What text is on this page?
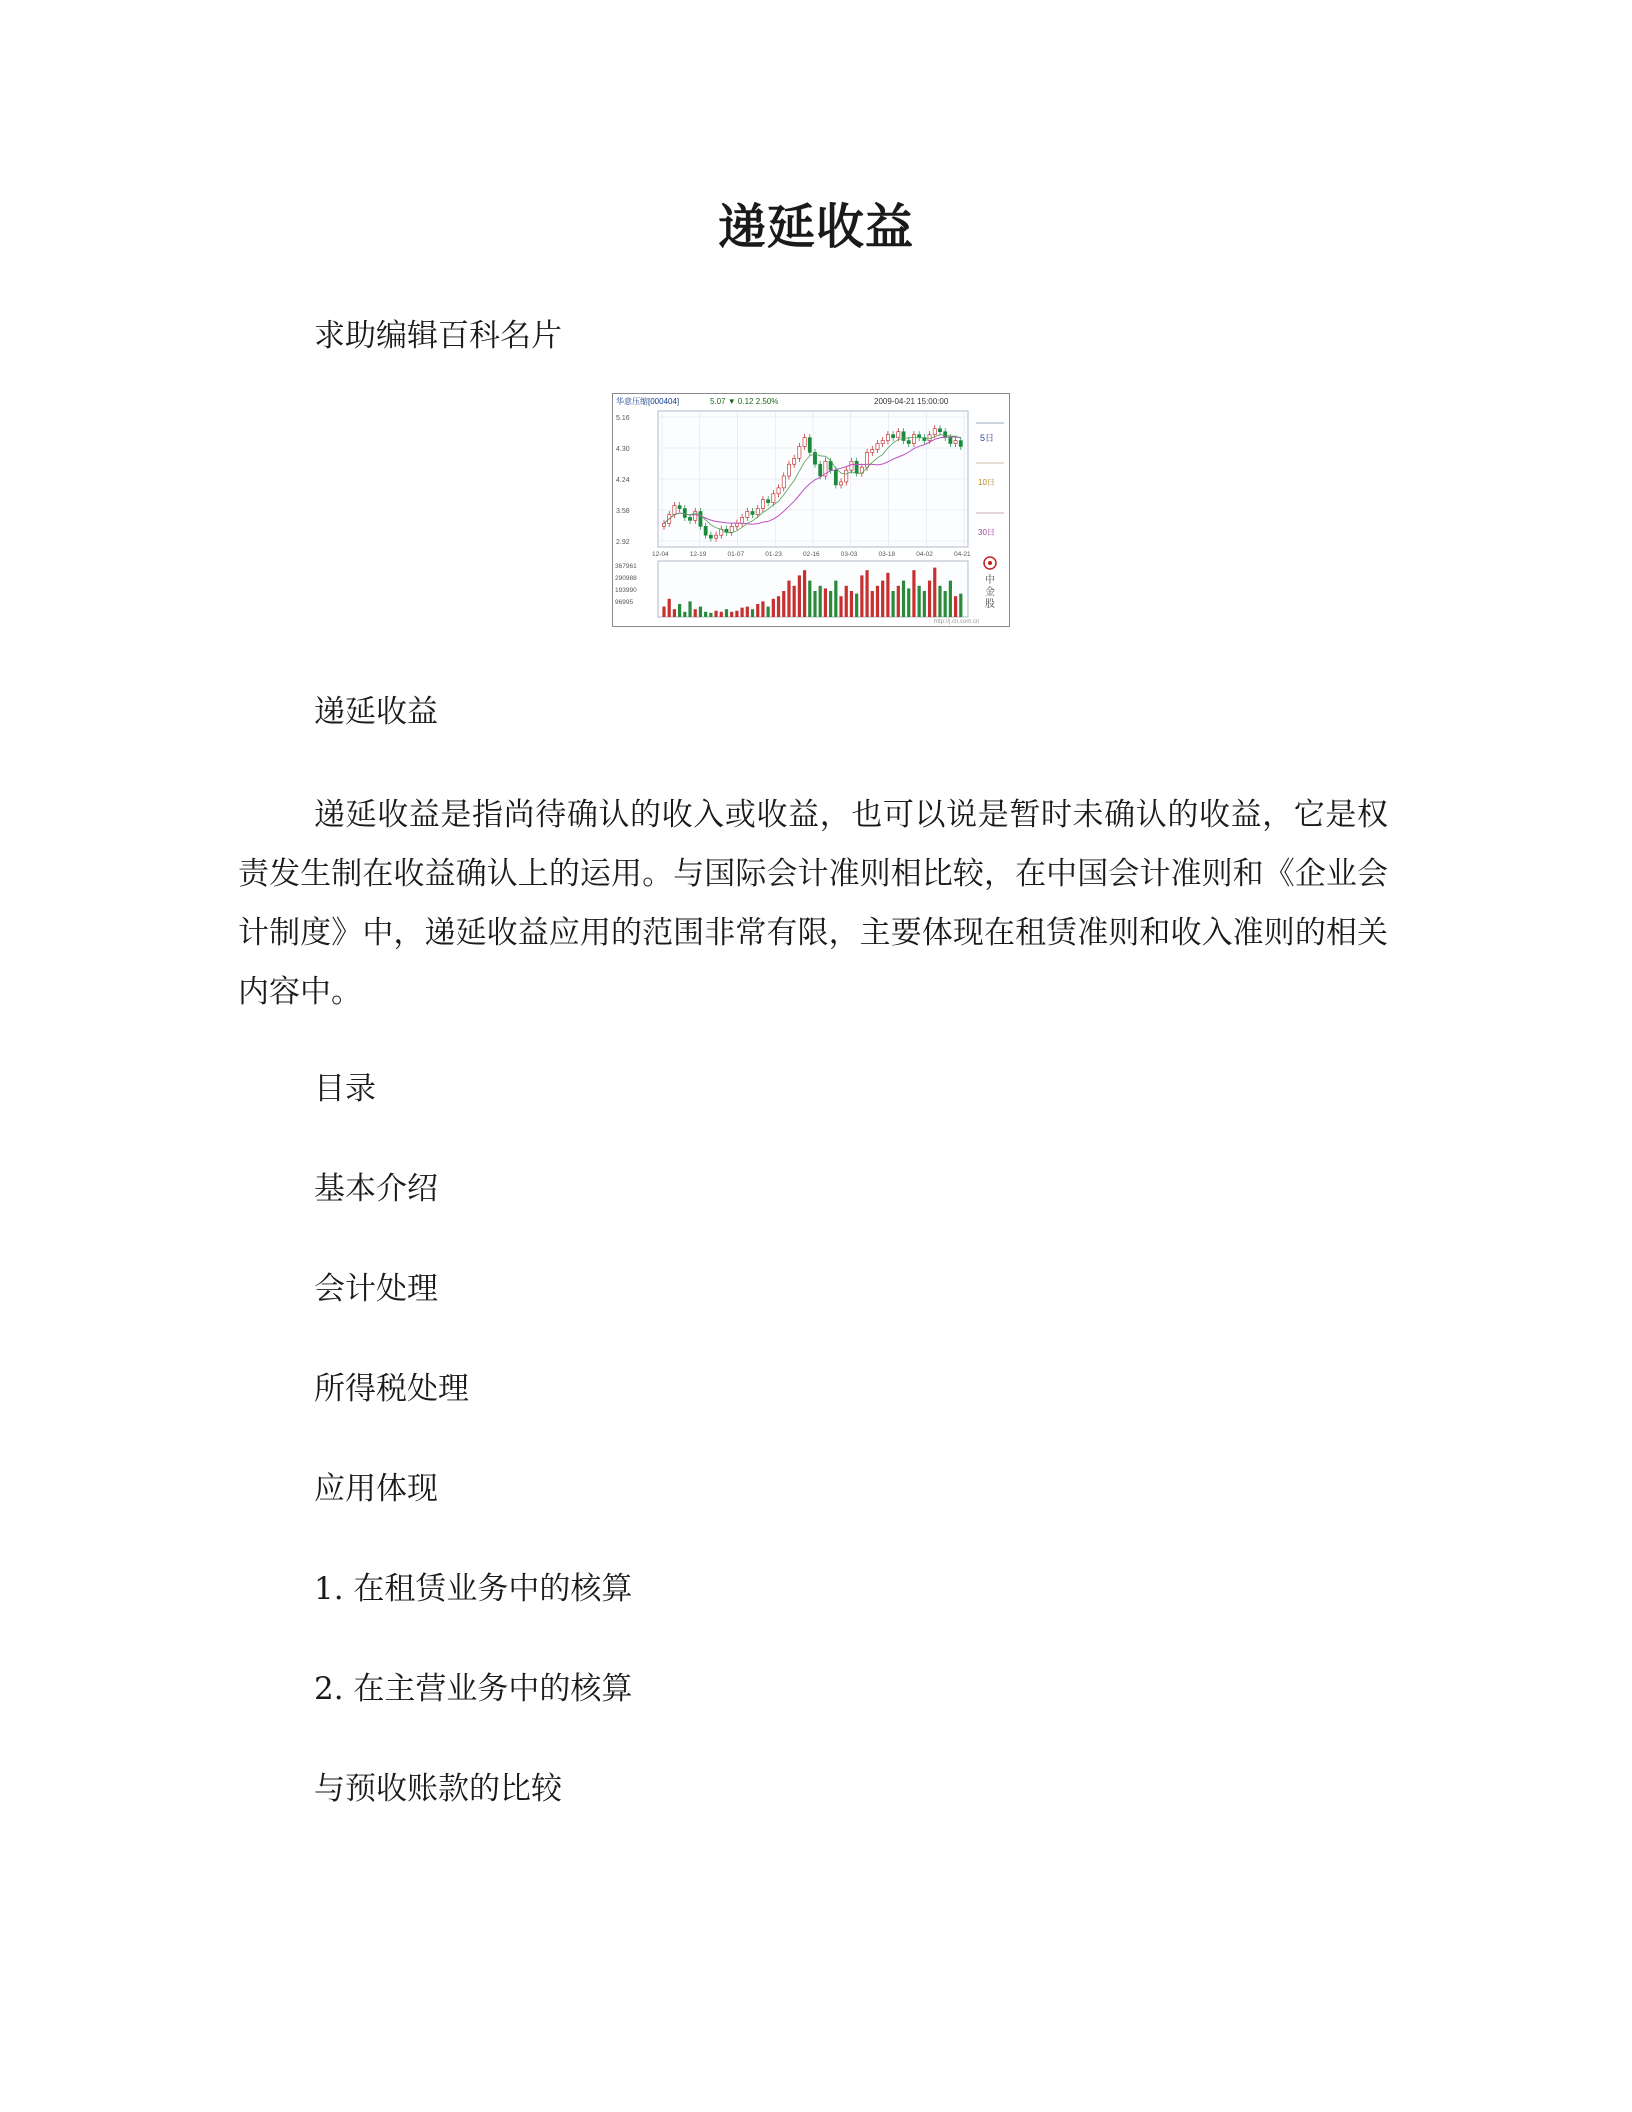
递延收益
求助编辑百科名片
华意压缩[000404]	5.07 ▼ 0.12 2.50%	2009-04-21 15:00:00
5.16
4.30
4.24
3.58
2.92
12-04	12-19	01-07	01-23	02-16	03-03	03-18	04-02	04-21
367961
290988
193990
96995
5日
10日
30日
中
金
股
http://j.cn.com.cn
递延收益
递延收益是指尚待确认的收入或收益，也可以说是暂时未确认的收益，它是权责发生制在收益确认上的运用。与国际会计准则相比较，在中国会计准则和《企业会计制度》中，递延收益应用的范围非常有限，主要体现在租赁准则和收入准则的相关内容中。
目录
基本介绍
会计处理
所得税处理
应用体现
1. 在租赁业务中的核算
2. 在主营业务中的核算
与预收账款的比较
